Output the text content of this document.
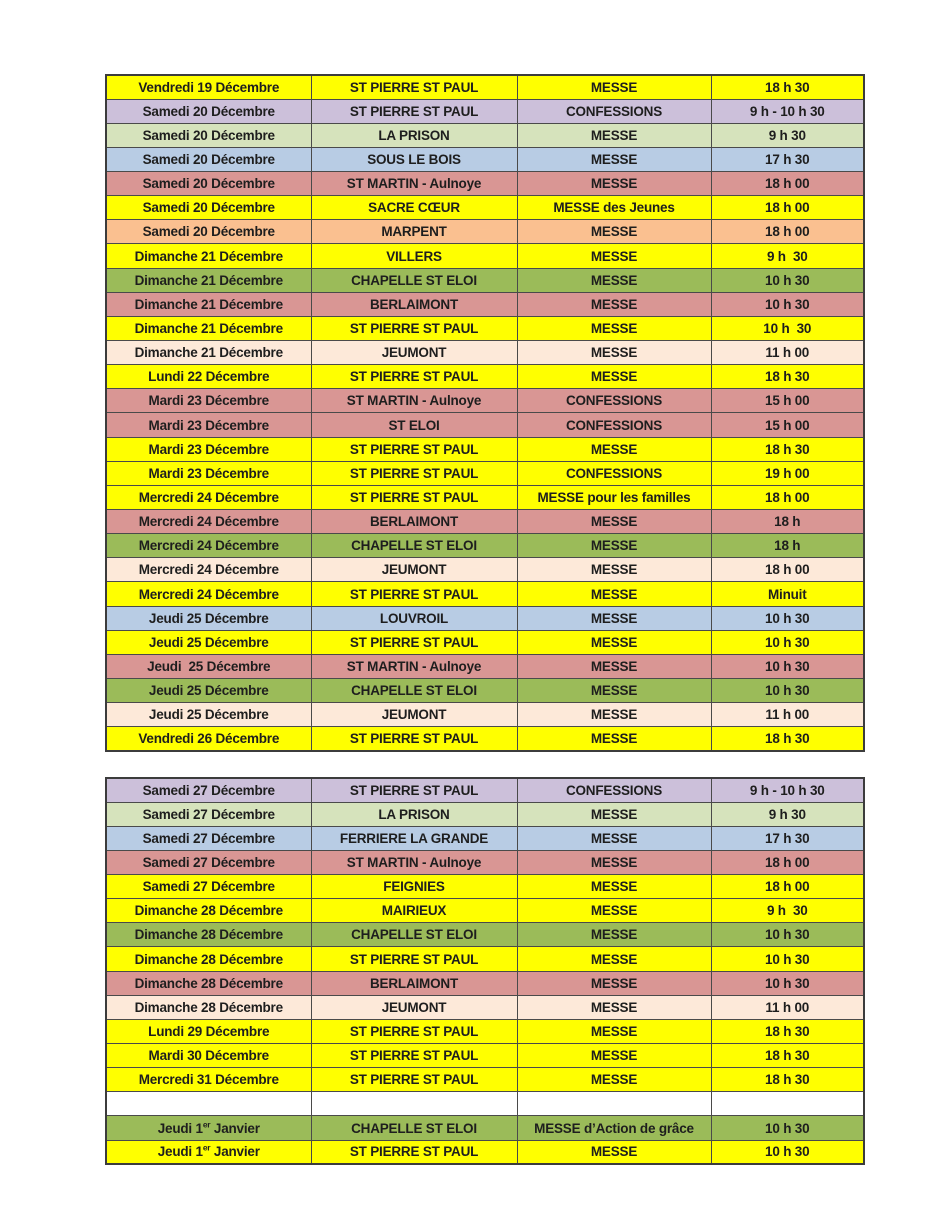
Vendredi 19 Décembre	ST PIERRE ST PAUL	MESSE	18 h 30
Samedi 20 Décembre	ST PIERRE ST PAUL	CONFESSIONS	9 h - 10 h 30
Samedi 20 Décembre	LA PRISON	MESSE	9 h 30
Samedi 20 Décembre	SOUS LE BOIS	MESSE	17 h 30
Samedi 20 Décembre	ST MARTIN - Aulnoye	MESSE	18 h 00
Samedi 20 Décembre	SACRE CŒUR	MESSE des Jeunes	18 h 00
Samedi 20 Décembre	MARPENT	MESSE	18 h 00
Dimanche 21 Décembre	VILLERS	MESSE	9 h  30
Dimanche 21 Décembre	CHAPELLE ST ELOI	MESSE	10 h 30
Dimanche 21 Décembre	BERLAIMONT	MESSE	10 h 30
Dimanche 21 Décembre	ST PIERRE ST PAUL	MESSE	10 h  30
Dimanche 21 Décembre	JEUMONT	MESSE	11 h 00
Lundi 22 Décembre	ST PIERRE ST PAUL	MESSE	18 h 30
Mardi 23 Décembre	ST MARTIN - Aulnoye	CONFESSIONS	15 h 00
Mardi 23 Décembre	ST ELOI	CONFESSIONS	15 h 00
Mardi 23 Décembre	ST PIERRE ST PAUL	MESSE	18 h 30
Mardi 23 Décembre	ST PIERRE ST PAUL	CONFESSIONS	19 h 00
Mercredi 24 Décembre	ST PIERRE ST PAUL	MESSE pour les familles	18 h 00
Mercredi 24 Décembre	BERLAIMONT	MESSE	18 h
Mercredi 24 Décembre	CHAPELLE ST ELOI	MESSE	18 h
Mercredi 24 Décembre	JEUMONT	MESSE	18 h 00
Mercredi 24 Décembre	ST PIERRE ST PAUL	MESSE	Minuit
Jeudi 25 Décembre	LOUVROIL	MESSE	10 h 30
Jeudi 25 Décembre	ST PIERRE ST PAUL	MESSE	10 h 30
Jeudi  25 Décembre	ST MARTIN - Aulnoye	MESSE	10 h 30
Jeudi 25 Décembre	CHAPELLE ST ELOI	MESSE	10 h 30
Jeudi 25 Décembre	JEUMONT	MESSE	11 h 00
Vendredi 26 Décembre	ST PIERRE ST PAUL	MESSE	18 h 30
Samedi 27 Décembre	ST PIERRE ST PAUL	CONFESSIONS	9 h - 10 h 30
Samedi 27 Décembre	LA PRISON	MESSE	9 h 30
Samedi 27 Décembre	FERRIERE LA GRANDE	MESSE	17 h 30
Samedi 27 Décembre	ST MARTIN - Aulnoye	MESSE	18 h 00
Samedi 27 Décembre	FEIGNIES	MESSE	18 h 00
Dimanche 28 Décembre	MAIRIEUX	MESSE	9 h  30
Dimanche 28 Décembre	CHAPELLE ST ELOI	MESSE	10 h 30
Dimanche 28 Décembre	ST PIERRE ST PAUL	MESSE	10 h 30
Dimanche 28 Décembre	BERLAIMONT	MESSE	10 h 30
Dimanche 28 Décembre	JEUMONT	MESSE	11 h 00
Lundi 29 Décembre	ST PIERRE ST PAUL	MESSE	18 h 30
Mardi 30 Décembre	ST PIERRE ST PAUL	MESSE	18 h 30
Mercredi 31 Décembre	ST PIERRE ST PAUL	MESSE	18 h 30

Jeudi 1er Janvier	CHAPELLE ST ELOI	MESSE d’Action de grâce	10 h 30
Jeudi 1er Janvier	ST PIERRE ST PAUL	MESSE	10 h 30
